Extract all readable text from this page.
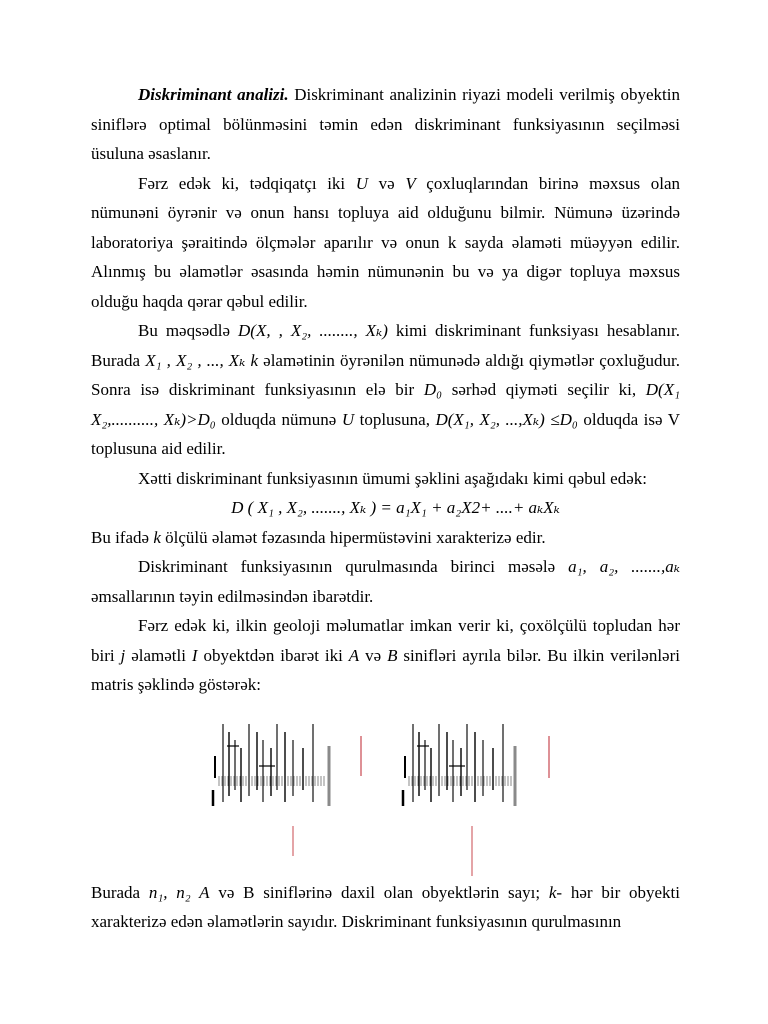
Diskriminant analizi. Diskriminant analizinin riyazi modeli verilmiş obyektin siniflərə optimal bölünməsini təmin edən diskriminant funksiyasının seçilməsi üsuluna əsaslanır.

Fərz edək ki, tədqiqatçı iki U və V çoxluqlarından birinə məxsus olan nümunəni öyrənir və onun hansı topluya aid olduğunu bilmir. Nümunə üzərində laboratoriya şəraitində ölçmələr aparılır və onun k sayda əlaməti müəyyən edilir. Alınmış bu əlamətlər əsasında həmin nümunənin bu və ya digər topluya məxsus olduğu haqda qərar qəbul edilir.

Bu məqsədlə D(X, , X₂, ........, Xₖ) kimi diskriminant funksiyası hesablanır. Burada X₁ , X₂ , ..., Xₖ k əlamətinin öyrənilən nümunədə aldığı qiymətlər çoxluğudur. Sonra isə diskriminant funksiyasının elə bir D₀ sərhəd qiyməti seçilir ki, D(X₁ X₂,.........., Xₖ)>D₀ olduqda nümunə U toplusuna, D(X₁, X₂, ...,Xₖ) ≤D₀ olduqda isə V toplusuna aid edilir.

Xətti diskriminant funksiyasının ümumi şəklini aşağıdakı kimi qəbul edək:

D ( X₁ , X₂, ......., Xₖ ) = a₁X₁ + a₂X2+ ....+ aₖXₖ

Bu ifadə k ölçülü əlamət fəzasında hipermüstəvini xarakterizə edir.

Diskriminant funksiyasının qurulmasında birinci məsələ a₁, a₂, .......,aₖ əmsallarının təyin edilməsindən ibarətdir.

Fərz edək ki, ilkin geoloji məlumatlar imkan verir ki, çoxölçülü topludan hər biri j əlamətli I obyektdən ibarət iki A və B sinifləri ayrıla bilər. Bu ilkin verilənləri matris şəklində göstərək:

Burada n₁, n₂ A və B siniflərinə daxil olan obyektlərin sayı; k- hər bir obyekti xarakterizə edən əlamətlərin sayıdır. Diskriminant funksiyasının qurulmasının
